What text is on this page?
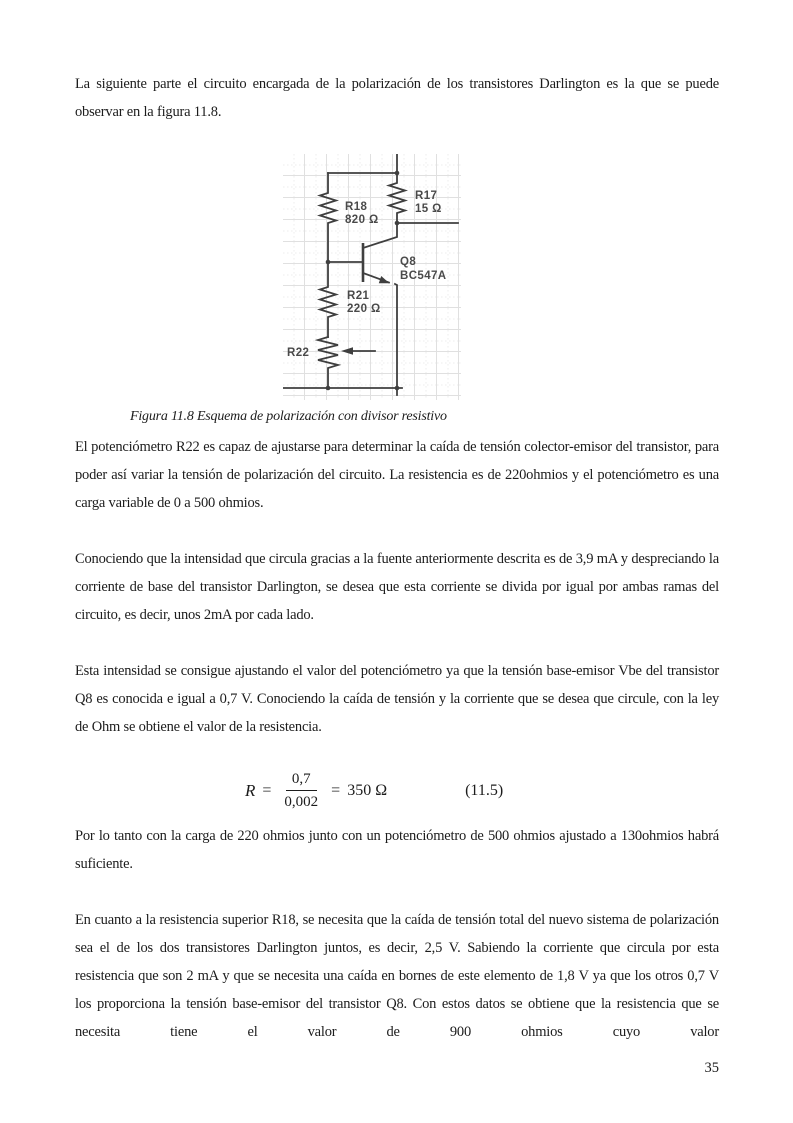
La siguiente parte el circuito encargada de la polarización de los transistores Darlington es la que se puede observar en la figura 11.8.

R17
15 Ω
R18
820 Ω
Q8
BC547A
R21
220 Ω
R22
Figura 11.8 Esquema de polarización con divisor resistivo

El potenciómetro R22 es capaz de ajustarse para determinar la caída de tensión colector-emisor del transistor, para poder así variar la tensión de polarización del circuito. La resistencia es de 220ohmios y el potenciómetro es una carga variable de 0 a 500 ohmios.

Conociendo que la intensidad que circula gracias a la fuente anteriormente descrita es de 3,9 mA y despreciando la corriente de base del transistor Darlington, se desea que esta corriente se divida por igual por ambas ramas del circuito, es decir, unos 2mA por cada lado.

Esta intensidad se consigue ajustando el valor del potenciómetro ya que la tensión base-emisor Vbe del transistor Q8 es conocida e igual a 0,7 V. Conociendo la caída de tensión y la corriente que se desea que circule, con la ley de Ohm se obtiene el valor de la resistencia.

$R = \frac{0,7}{0,002} = 350$ Ω	(11.5)

Por lo tanto con la carga de 220 ohmios junto con un potenciómetro de 500 ohmios ajustado a 130ohmios habrá suficiente.

En cuanto a la resistencia superior R18, se necesita que la caída de tensión total del nuevo sistema de polarización sea el de los dos transistores Darlington juntos, es decir, 2,5 V. Sabiendo la corriente que circula por esta resistencia que son 2 mA y que se necesita una caída en bornes de este elemento de 1,8 V ya que los otros 0,7 V los proporciona la tensión base-emisor del transistor Q8. Con estos datos se obtiene que la resistencia que se necesita tiene el valor de 900 ohmios cuyo valor

35
